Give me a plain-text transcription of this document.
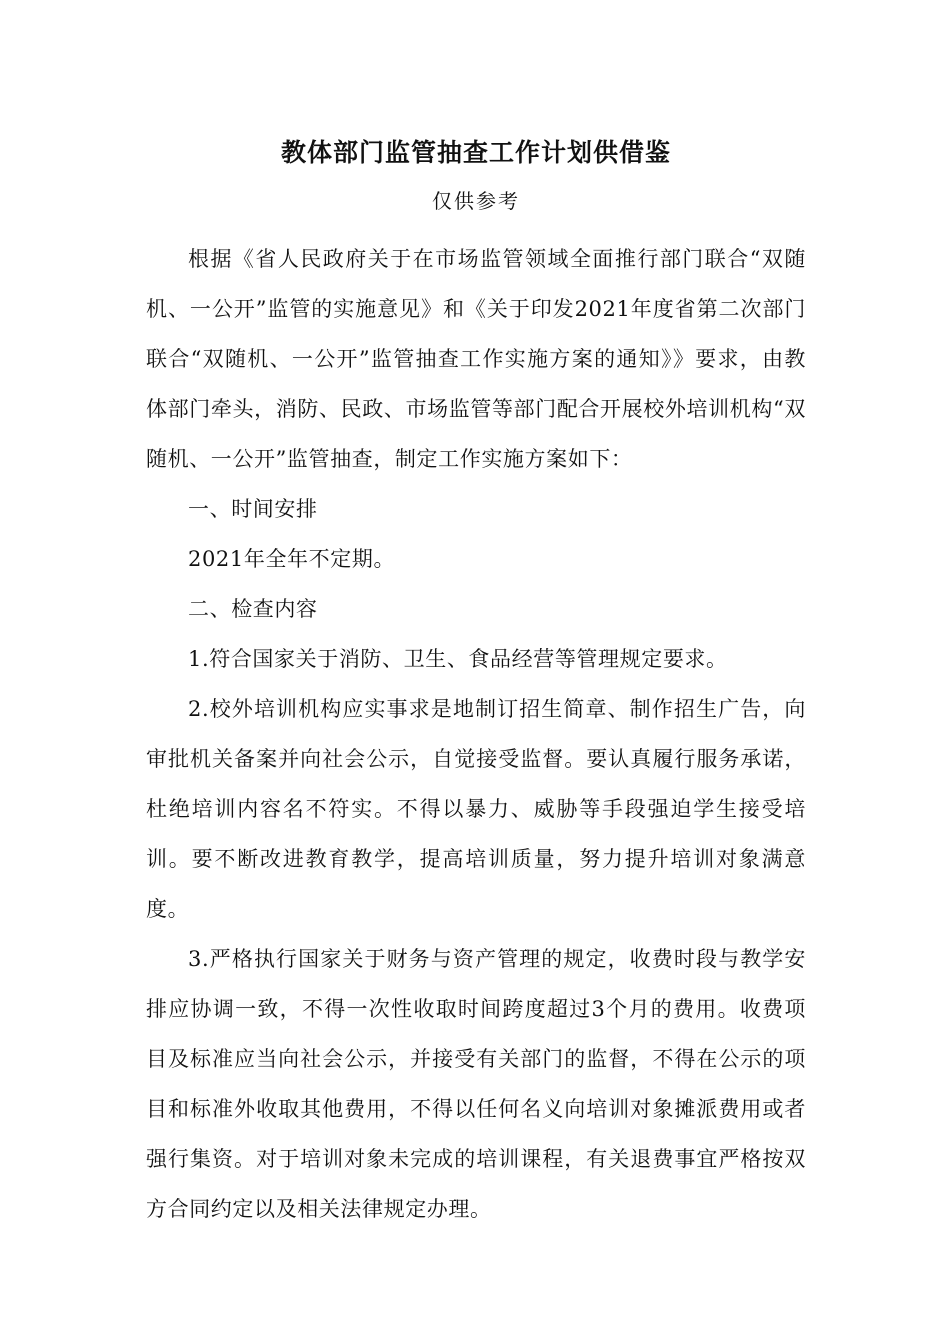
教体部门监管抽查工作计划供借鉴
仅供参考

根据《省人民政府关于在市场监管领域全面推行部门联合“双随机、一公开”监管的实施意见》和《关于印发2021年度省第二次部门联合“双随机、一公开”监管抽查工作实施方案的通知》》要求，由教体部门牵头，消防、民政、市场监管等部门配合开展校外培训机构“双随机、一公开”监管抽查，制定工作实施方案如下：

一、时间安排

2021年全年不定期。

二、检查内容

1.符合国家关于消防、卫生、食品经营等管理规定要求。

2.校外培训机构应实事求是地制订招生简章、制作招生广告，向审批机关备案并向社会公示，自觉接受监督。要认真履行服务承诺，杜绝培训内容名不符实。不得以暴力、威胁等手段强迫学生接受培训。要不断改进教育教学，提高培训质量，努力提升培训对象满意度。

3.严格执行国家关于财务与资产管理的规定，收费时段与教学安排应协调一致，不得一次性收取时间跨度超过3个月的费用。收费项目及标准应当向社会公示，并接受有关部门的监督，不得在公示的项目和标准外收取其他费用，不得以任何名义向培训对象摊派费用或者强行集资。对于培训对象未完成的培训课程，有关退费事宜严格按双方合同约定以及相关法律规定办理。
